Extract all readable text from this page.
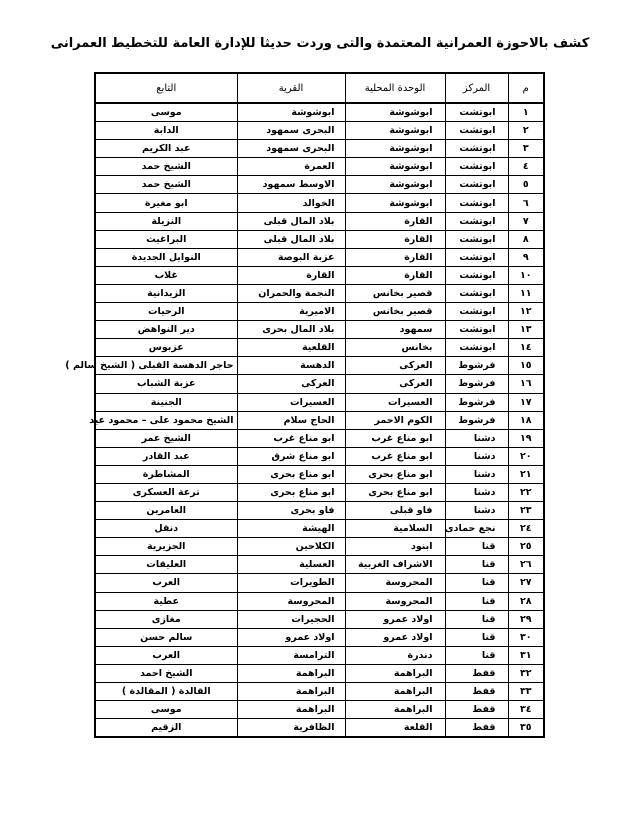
كشف بالاحوزة العمرانية المعتمدة والتى وردت حديثا للإدارة العامة للتخطيط العمرانى
م	المركز	الوحدة المحلية	القرية	التابع
١	ابوتشت	ابوشوشة	ابوشوشة	موسى
٢	ابوتشت	ابوشوشة	البحرى سمهود	الدابة
٣	ابوتشت	ابوشوشة	البحرى سمهود	عبد الكريم
٤	ابوتشت	ابوشوشة	العمرة	الشيخ حمد
٥	ابوتشت	ابوشوشة	الاوسط سمهود	الشيخ حمد
٦	ابوتشت	ابوشوشة	الخوالد	ابو مغيرة
٧	ابوتشت	القارة	بلاد المال قبلى	النزيلة
٨	ابوتشت	القارة	بلاد المال قبلى	البراغيث
٩	ابوتشت	القارة	عزبة البوصة	النوايل الجديدة
١٠	ابوتشت	القارة	القارة	غلاب
١١	ابوتشت	قصير بخانس	النجمة والحمران	الزيدانية
١٢	ابوتشت	قصير بخانس	الاميرية	الرحيات
١٣	ابوتشت	سمهود	بلاد المال بحرى	دير النواهض
١٤	ابوتشت	بخانس	القلعية	عزبوس
١٥	فرشوط	العركى	الدهسة	حاجر الدهسة القبلى ( الشيخ سالم )
١٦	فرشوط	العركى	العركى	عزبة الشباب
١٧	فرشوط	العسيرات	العسيرات	الجنينة
١٨	فرشوط	الكوم الاحمر	الحاج سلام	الشيخ محمود على – محمود عيد
١٩	دشنا	ابو مناع غرب	ابو مناع غرب	الشيخ عمر
٢٠	دشنا	ابو مناع غرب	ابو مناع شرق	عبد القادر
٢١	دشنا	ابو مناع بحرى	ابو مناع بحرى	المشاطرة
٢٢	دشنا	ابو مناع بحرى	ابو مناع بحرى	ترعة العسكرى
٢٣	دشنا	فاو قبلى	فاو بحرى	العامرين
٢٤	نجع حمادى	السلامية	الهيشة	دنقل
٢٥	قنا	ابنود	الكلاحين	الجزيرية
٢٦	قنا	الاشراف الغربية	العسلية	العليقات
٢٧	قنا	المحروسة	الطويرات	العرب
٢٨	قنا	المحروسة	المحروسة	عطية
٢٩	قنا	اولاد عمرو	الحجيرات	مغازى
٣٠	قنا	اولاد عمرو	اولاد عمرو	سالم حسن
٣١	قنا	دندرة	الترامسة	العرب
٣٢	قفط	البراهمة	البراهمة	الشيخ احمد
٣٣	قفط	البراهمة	البراهمة	القالدة ( المقالدة )
٣٤	قفط	البراهمة	البراهمة	موسى
٣٥	قفط	القلعة	الظافرية	الزقيم
